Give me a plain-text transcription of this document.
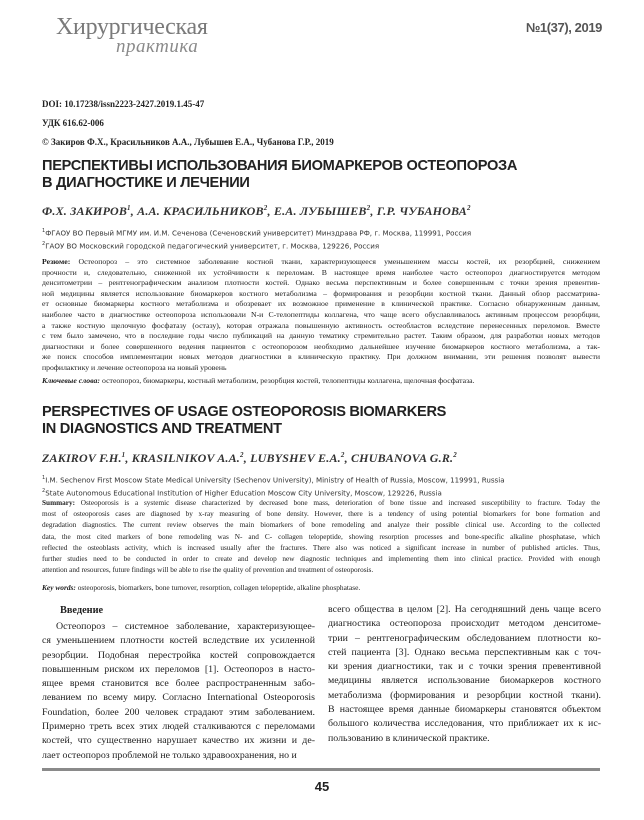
Хирургическая
практика
№1(37), 2019
DOI: 10.17238/issn2223-2427.2019.1.45-47
УДК 616.62-006
© Закиров Ф.Х., Красильников А.А., Лубышев Е.А., Чубанова Г.Р., 2019
ПЕРСПЕКТИВЫ ИСПОЛЬЗОВАНИЯ БИОМАРКЕРОВ ОСТЕОПОРОЗА
В ДИАГНОСТИКЕ И ЛЕЧЕНИИ
Ф.Х. ЗАКИРОВ$^1$, А.А. КРАСИЛЬНИКОВ$^2$, Е.А. ЛУБЫШЕВ$^2$, Г.Р. ЧУБАНОВА$^2$
$^1$ФГАОУ ВО Первый МГМУ им. И.М. Сеченова (Сеченовский университет) Минздрава РФ, г. Москва, 119991, Россия
$^2$ГАОУ ВО Московский городской педагогический университет, г. Москва, 129226, Россия
Резюме: Остеопороз – это системное заболевание костной ткани, характеризующееся уменьшением массы костей, их резорбцией, снижением
прочности и, следовательно, сниженной их устойчивости к переломам. В настоящее время наиболее часто остеопороз диагностируется методом
денситометрии – рентгенографическим анализом плотности костей. Однако весьма перспективным и более совершенным с точки зрения превентив-
ной медицины является использование биомаркеров костного метаболизма – формирования и резорбции костной ткани. Данный обзор рассматрива-
ет основные биомаркеры костного метаболизма и обозревает их возможное применение в клинической практике. Согласно обнаруженным данным,
наиболее часто в диагностике остеопороза использовали N-и C-телопептиды коллагена, что чаще всего обуславливалось активным процессом резорбции,
а также костную щелочную фосфатазу (остазу), которая отражала повышенную активность остеобластов вследствие перенесенных переломов. Вместе
с тем было замечено, что в последние годы число публикаций на данную тематику стремительно растет. Таким образом, для разработки новых методов
диагностики и более совершенного ведения пациентов с остеопорозом необходимо дальнейшее изучение биомаркеров костного метаболизма, а так-
же поиск способов имплементации новых методов диагностики в клиническую практику. При должном внимании, эти решения позволят вывести
профилактику и лечение остеопороза на новый уровень
Ключевые слова: остеопороз, биомаркеры, костный метаболизм, резорбция костей, телопептиды коллагена, щелочная фосфатаза.
PERSPECTIVES OF USAGE OSTEOPOROSIS BIOMARKERS
IN DIAGNOSTICS AND TREATMENT
ZAKIROV F.H.$^1$, KRASILNIKOV A.A.$^2$, LUBYSHEV E.A.$^2$, CHUBANOVA G.R.$^2$
$^1$I.M. Sechenov First Moscow State Medical University (Sechenov University), Ministry of Health of Russia, Moscow, 119991, Russia
$^2$State Autonomous Educational Institution of Higher Education Moscow City University, Moscow, 129226, Russia
Summary: Osteoporosis is a systemic disease characterized by decreased bone mass, deterioration of bone tissue and increased susceptibility to fracture. Today the
most of osteoporosis cases are diagnosed by x-ray measuring of bone density. However, there is a tendency of using potential biomarkers for bone formation and
degradation diagnostics. The current review observes the main biomarkers of bone remodeling and analyze their possible clinical use. According to the collected
data, the most cited markers of bone remodeling was N- and C- collagen telopeptide, showing resorption processes and bone-specific alkaline phosphatase, which
reflected the osteoblasts activity, which is increased usually after the fractures. There also was noticed a significant increase in number of published articles. Thus,
further studies need to be conducted in order to create and develop new diagnostic techniques and implementing them into clinical practice. Provided with enough
attention and resources, future findings will be able to rise the quality of prevention and treatment of osteoporosis.
Key words: osteoporosis, biomarkers, bone turnover, resorption, collagen telopeptide, alkaline phosphatase.
Введение
Остеопороз – системное заболевание, характеризующее-
ся уменьшением плотности костей вследствие их усиленной
резорбции. Подобная перестройка костей сопровождается
повышенным риском их переломов [1]. Остеопороз в насто-
ящее время становится все более распространенным забо-
леванием по всему миру. Согласно International Osteoporosis
Foundation, более 200 человек страдают этим заболеванием.
Примерно треть всех этих людей сталкиваются с переломами
костей, что существенно нарушает качество их жизни и де-
лает остеопороз проблемой не только здравоохранения, но и
всего общества в целом [2]. На сегодняшний день чаще всего
диагностика остеопороза происходит методом денситоме-
трии – рентгенографическим обследованием плотности ко-
стей пациента [3]. Однако весьма перспективным как с точ-
ки зрения диагностики, так и с точки зрения превентивной
медицины является использование биомаркеров костного
метаболизма (формирования и резорбции костной ткани).
В настоящее время данные биомаркеры становятся объектом
большого количества исследования, что приближает их к ис-
пользованию в клинической практике.
45
